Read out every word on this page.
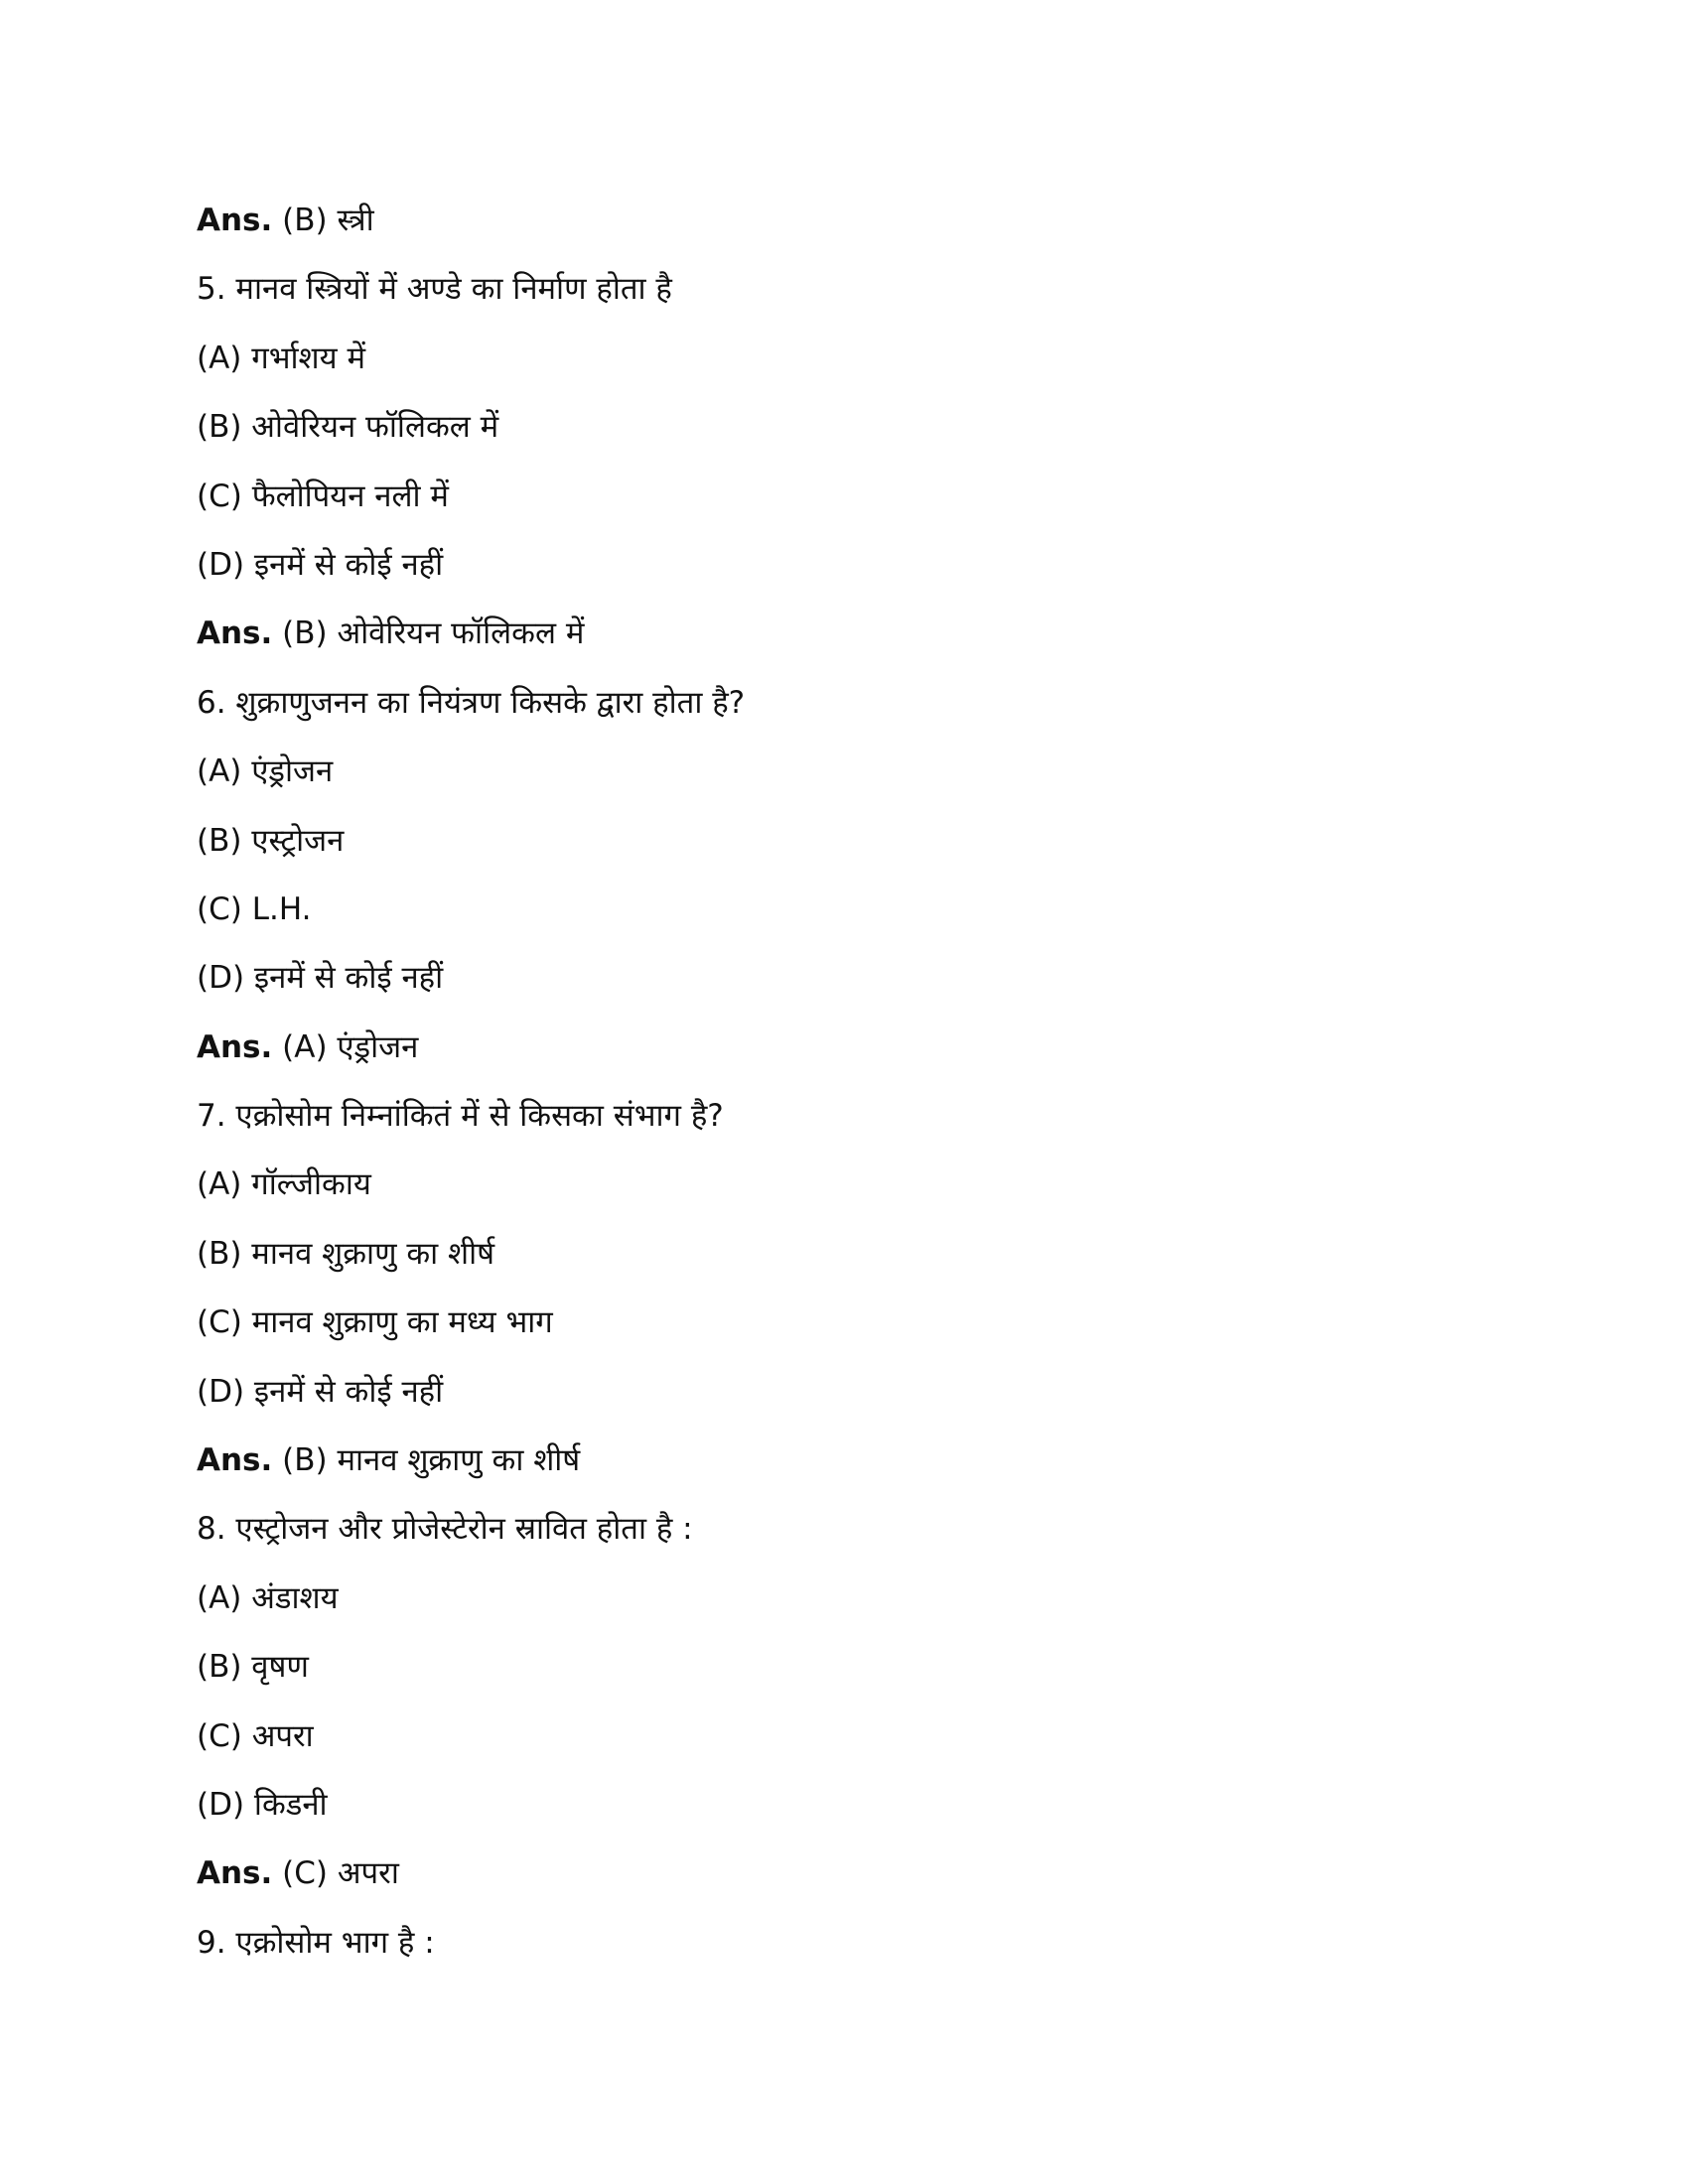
Ans. (B) स्त्री
5. मानव स्त्रियों में अण्डे का निर्माण होता है
(A) गर्भाशय में
(B) ओवेरियन फॉलिकल में
(C) फैलोपियन नली में
(D) इनमें से कोई नहीं
Ans. (B) ओवेरियन फॉलिकल में
6. शुक्राणुजनन का नियंत्रण किसके द्वारा होता है?
(A) एंड्रोजन
(B) एस्ट्रोजन
(C) L.H.
(D) इनमें से कोई नहीं
Ans. (A) एंड्रोजन
7. एक्रोसोम निम्नांकितं में से किसका संभाग है?
(A) गॉल्जीकाय
(B) मानव शुक्राणु का शीर्ष
(C) मानव शुक्राणु का मध्य भाग
(D) इनमें से कोई नहीं
Ans. (B) मानव शुक्राणु का शीर्ष
8. एस्ट्रोजन और प्रोजेस्टेरोन स्रावित होता है :
(A) अंडाशय
(B) वृषण
(C) अपरा
(D) किडनी
Ans. (C) अपरा
9. एक्रोसोम भाग है :
